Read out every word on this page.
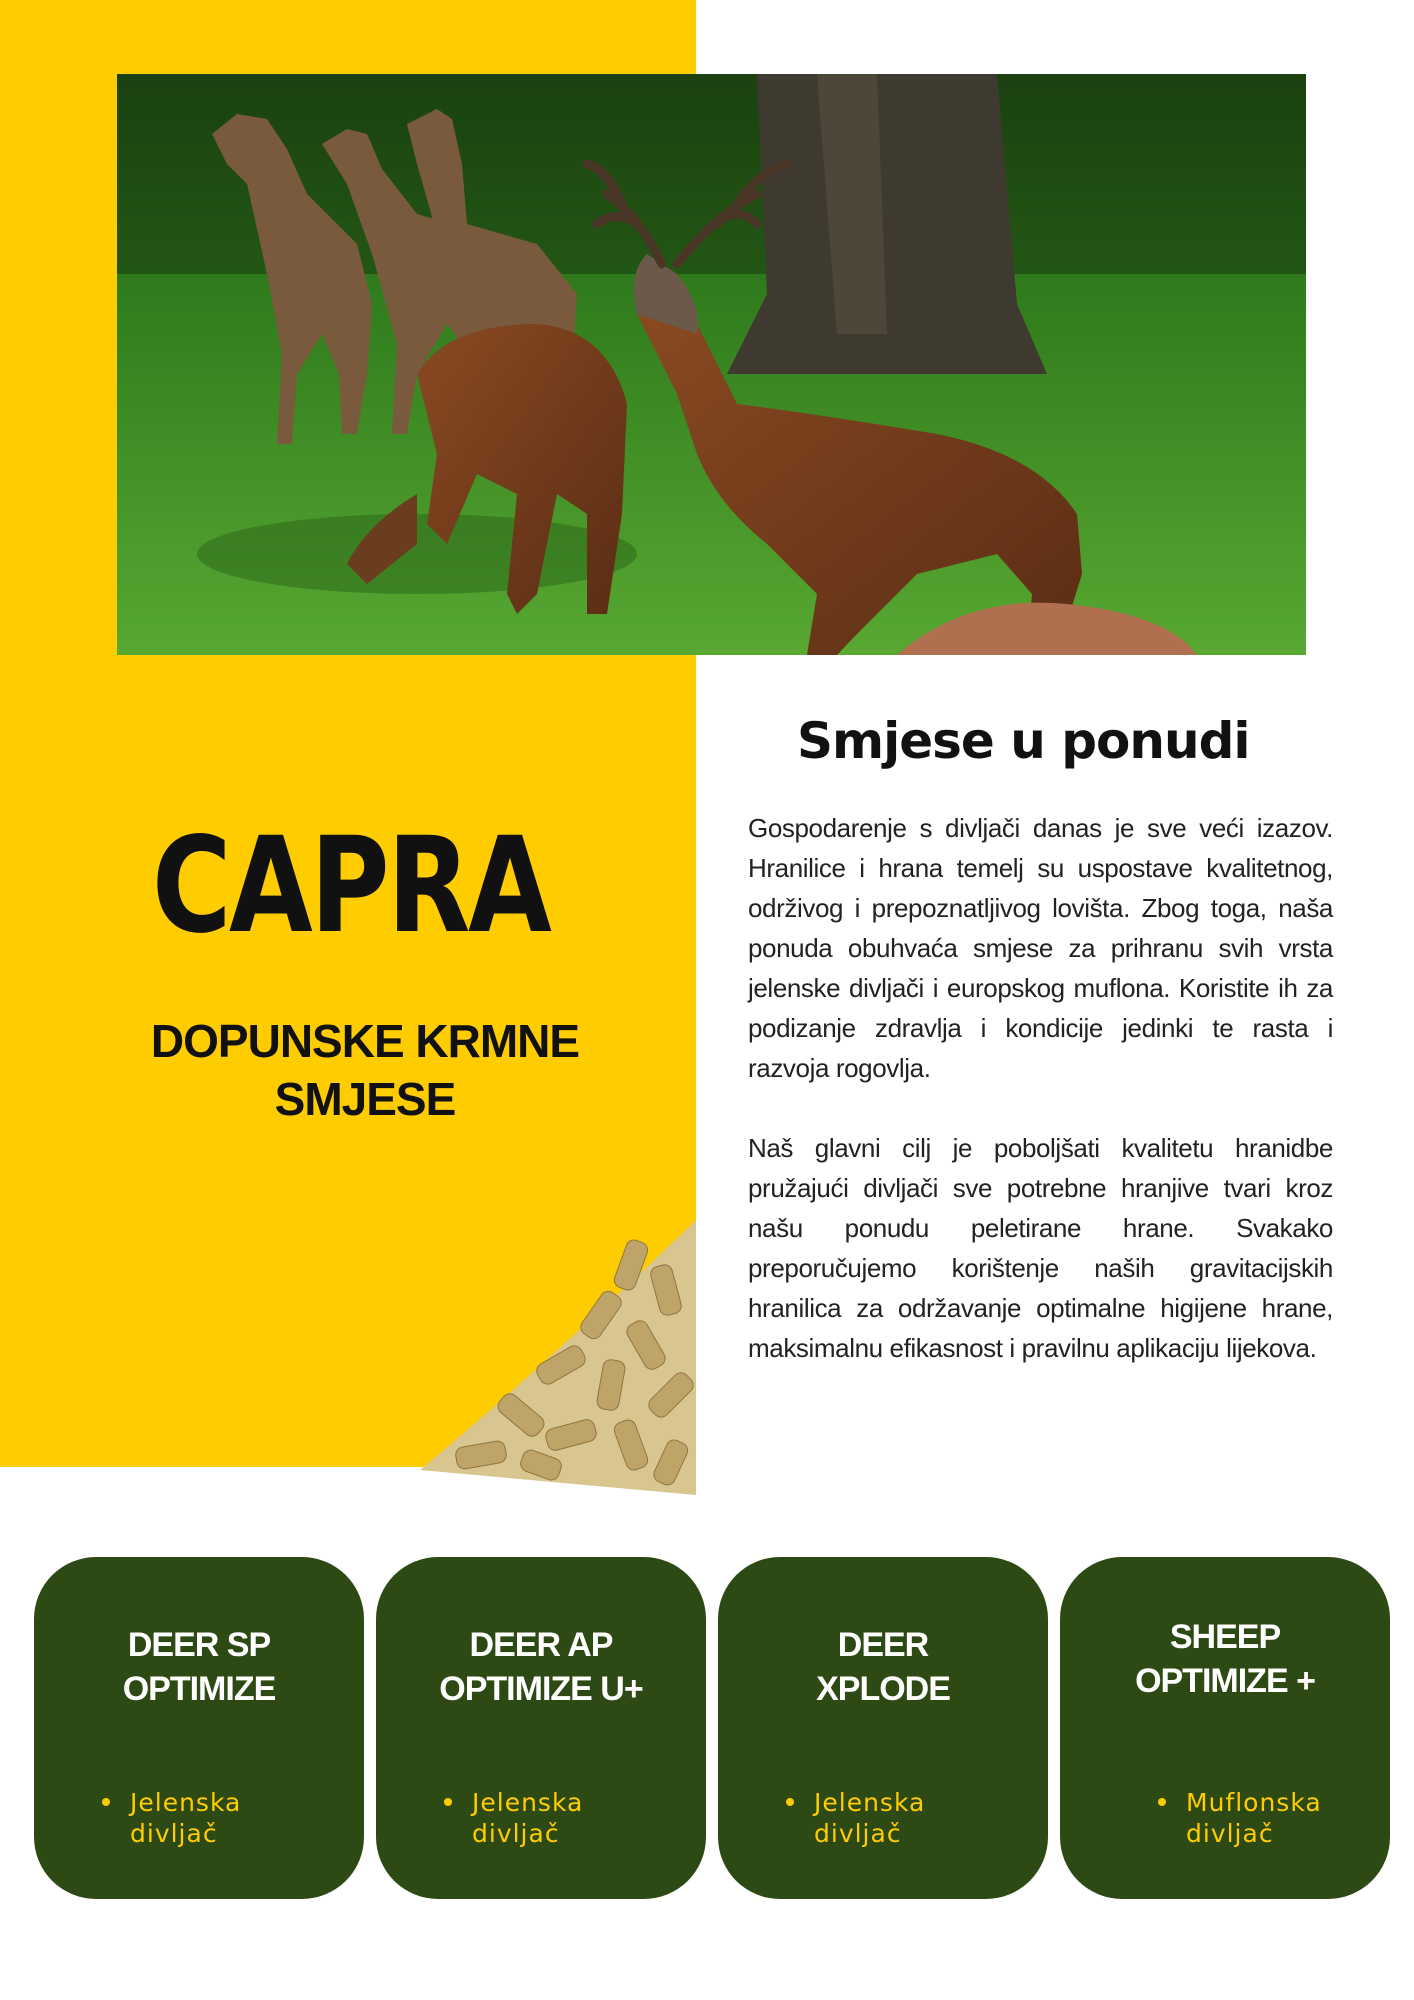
CAPRA
DOPUNSKE KRMNE SMJESE
Smjese u ponudi

Gospodarenje s divljači danas je sve veći izazov. Hranilice i hrana temelj su uspostave kvalitetnog, održivog i prepoznatljivog lovišta. Zbog toga, naša ponuda obuhvaća smjese za prihranu svih vrsta jelenske divljači i europskog muflona. Koristite ih za podizanje zdravlja i kondicije jedinki te rasta i razvoja rogovlja.

Naš glavni cilj je poboljšati kvalitetu hranidbe pružajući divljači sve potrebne hranjive tvari kroz našu ponudu peletirane hrane. Svakako preporučujemo korištenje naših gravitacijskih hranilica za održavanje optimalne higijene hrane, maksimalnu efikasnost i pravilnu aplikaciju lijekova.

DEER SP
OPTIMIZE
Jelenska divljač
DEER AP
OPTIMIZE U+
Jelenska divljač
DEER
XPLODE
Jelenska divljač
SHEEP
OPTIMIZE +
Muflonska divljač
